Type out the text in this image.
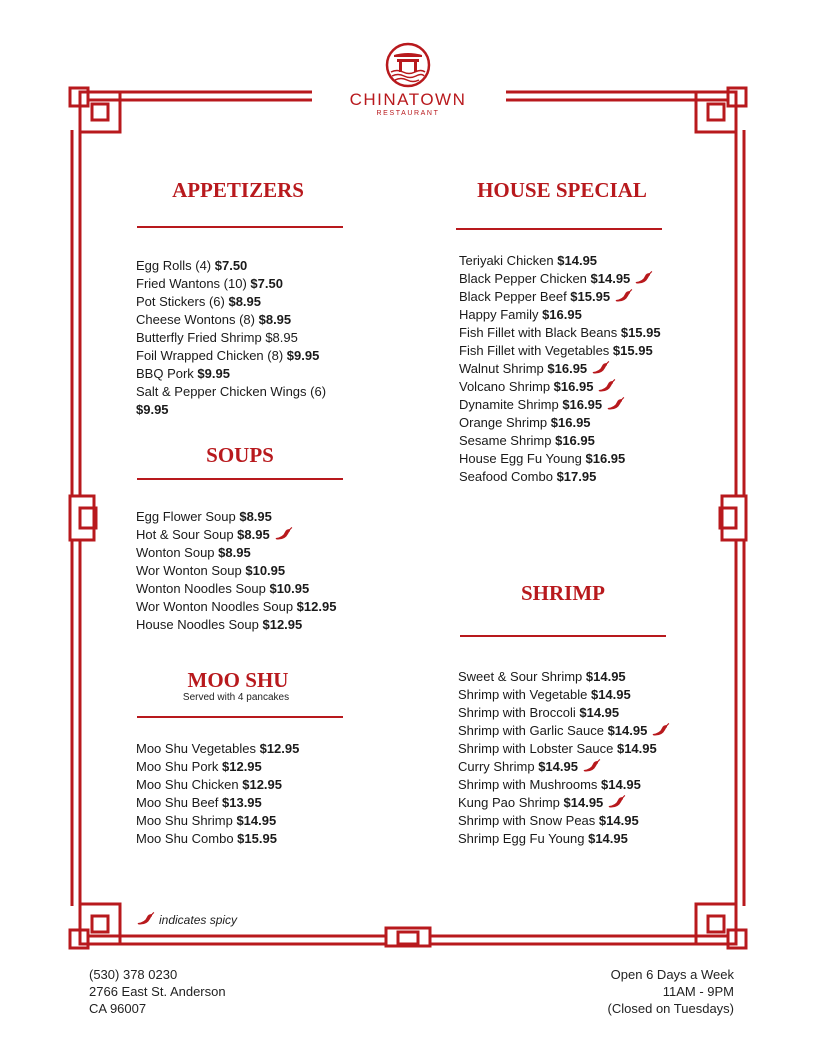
CHINATOWN
RESTAURANT
APPETIZERS
Egg Rolls (4) $7.50
Fried Wantons (10) $7.50
Pot Stickers (6) $8.95
Cheese Wontons (8) $8.95
Butterfly Fried Shrimp $8.95
Foil Wrapped Chicken (8) $9.95
BBQ Pork $9.95
Salt & Pepper Chicken Wings (6)
$9.95
SOUPS
Egg Flower Soup $8.95
Hot & Sour Soup $8.95
Wonton Soup $8.95
Wor Wonton Soup $10.95
Wonton Noodles Soup $10.95
Wor Wonton Noodles Soup $12.95
House Noodles Soup $12.95
MOO SHU
Served with 4 pancakes
Moo Shu Vegetables $12.95
Moo Shu Pork $12.95
Moo Shu Chicken $12.95
Moo Shu Beef $13.95
Moo Shu Shrimp $14.95
Moo Shu Combo $15.95
HOUSE SPECIAL
Teriyaki Chicken $14.95
Black Pepper Chicken $14.95
Black Pepper Beef $15.95
Happy Family $16.95
Fish Fillet with Black Beans $15.95
Fish Fillet with Vegetables $15.95
Walnut Shrimp $16.95
Volcano Shrimp $16.95
Dynamite Shrimp $16.95
Orange Shrimp $16.95
Sesame Shrimp $16.95
House Egg Fu Young $16.95
Seafood Combo $17.95
SHRIMP
Sweet & Sour Shrimp $14.95
Shrimp with Vegetable $14.95
Shrimp with Broccoli $14.95
Shrimp with Garlic Sauce $14.95
Shrimp with Lobster Sauce $14.95
Curry Shrimp $14.95
Shrimp with Mushrooms $14.95
Kung Pao Shrimp $14.95
Shrimp with Snow Peas $14.95
Shrimp Egg Fu Young $14.95
indicates spicy
(530) 378 0230
2766 East St. Anderson
CA 96007
Open 6 Days a Week
11AM - 9PM
(Closed on Tuesdays)
